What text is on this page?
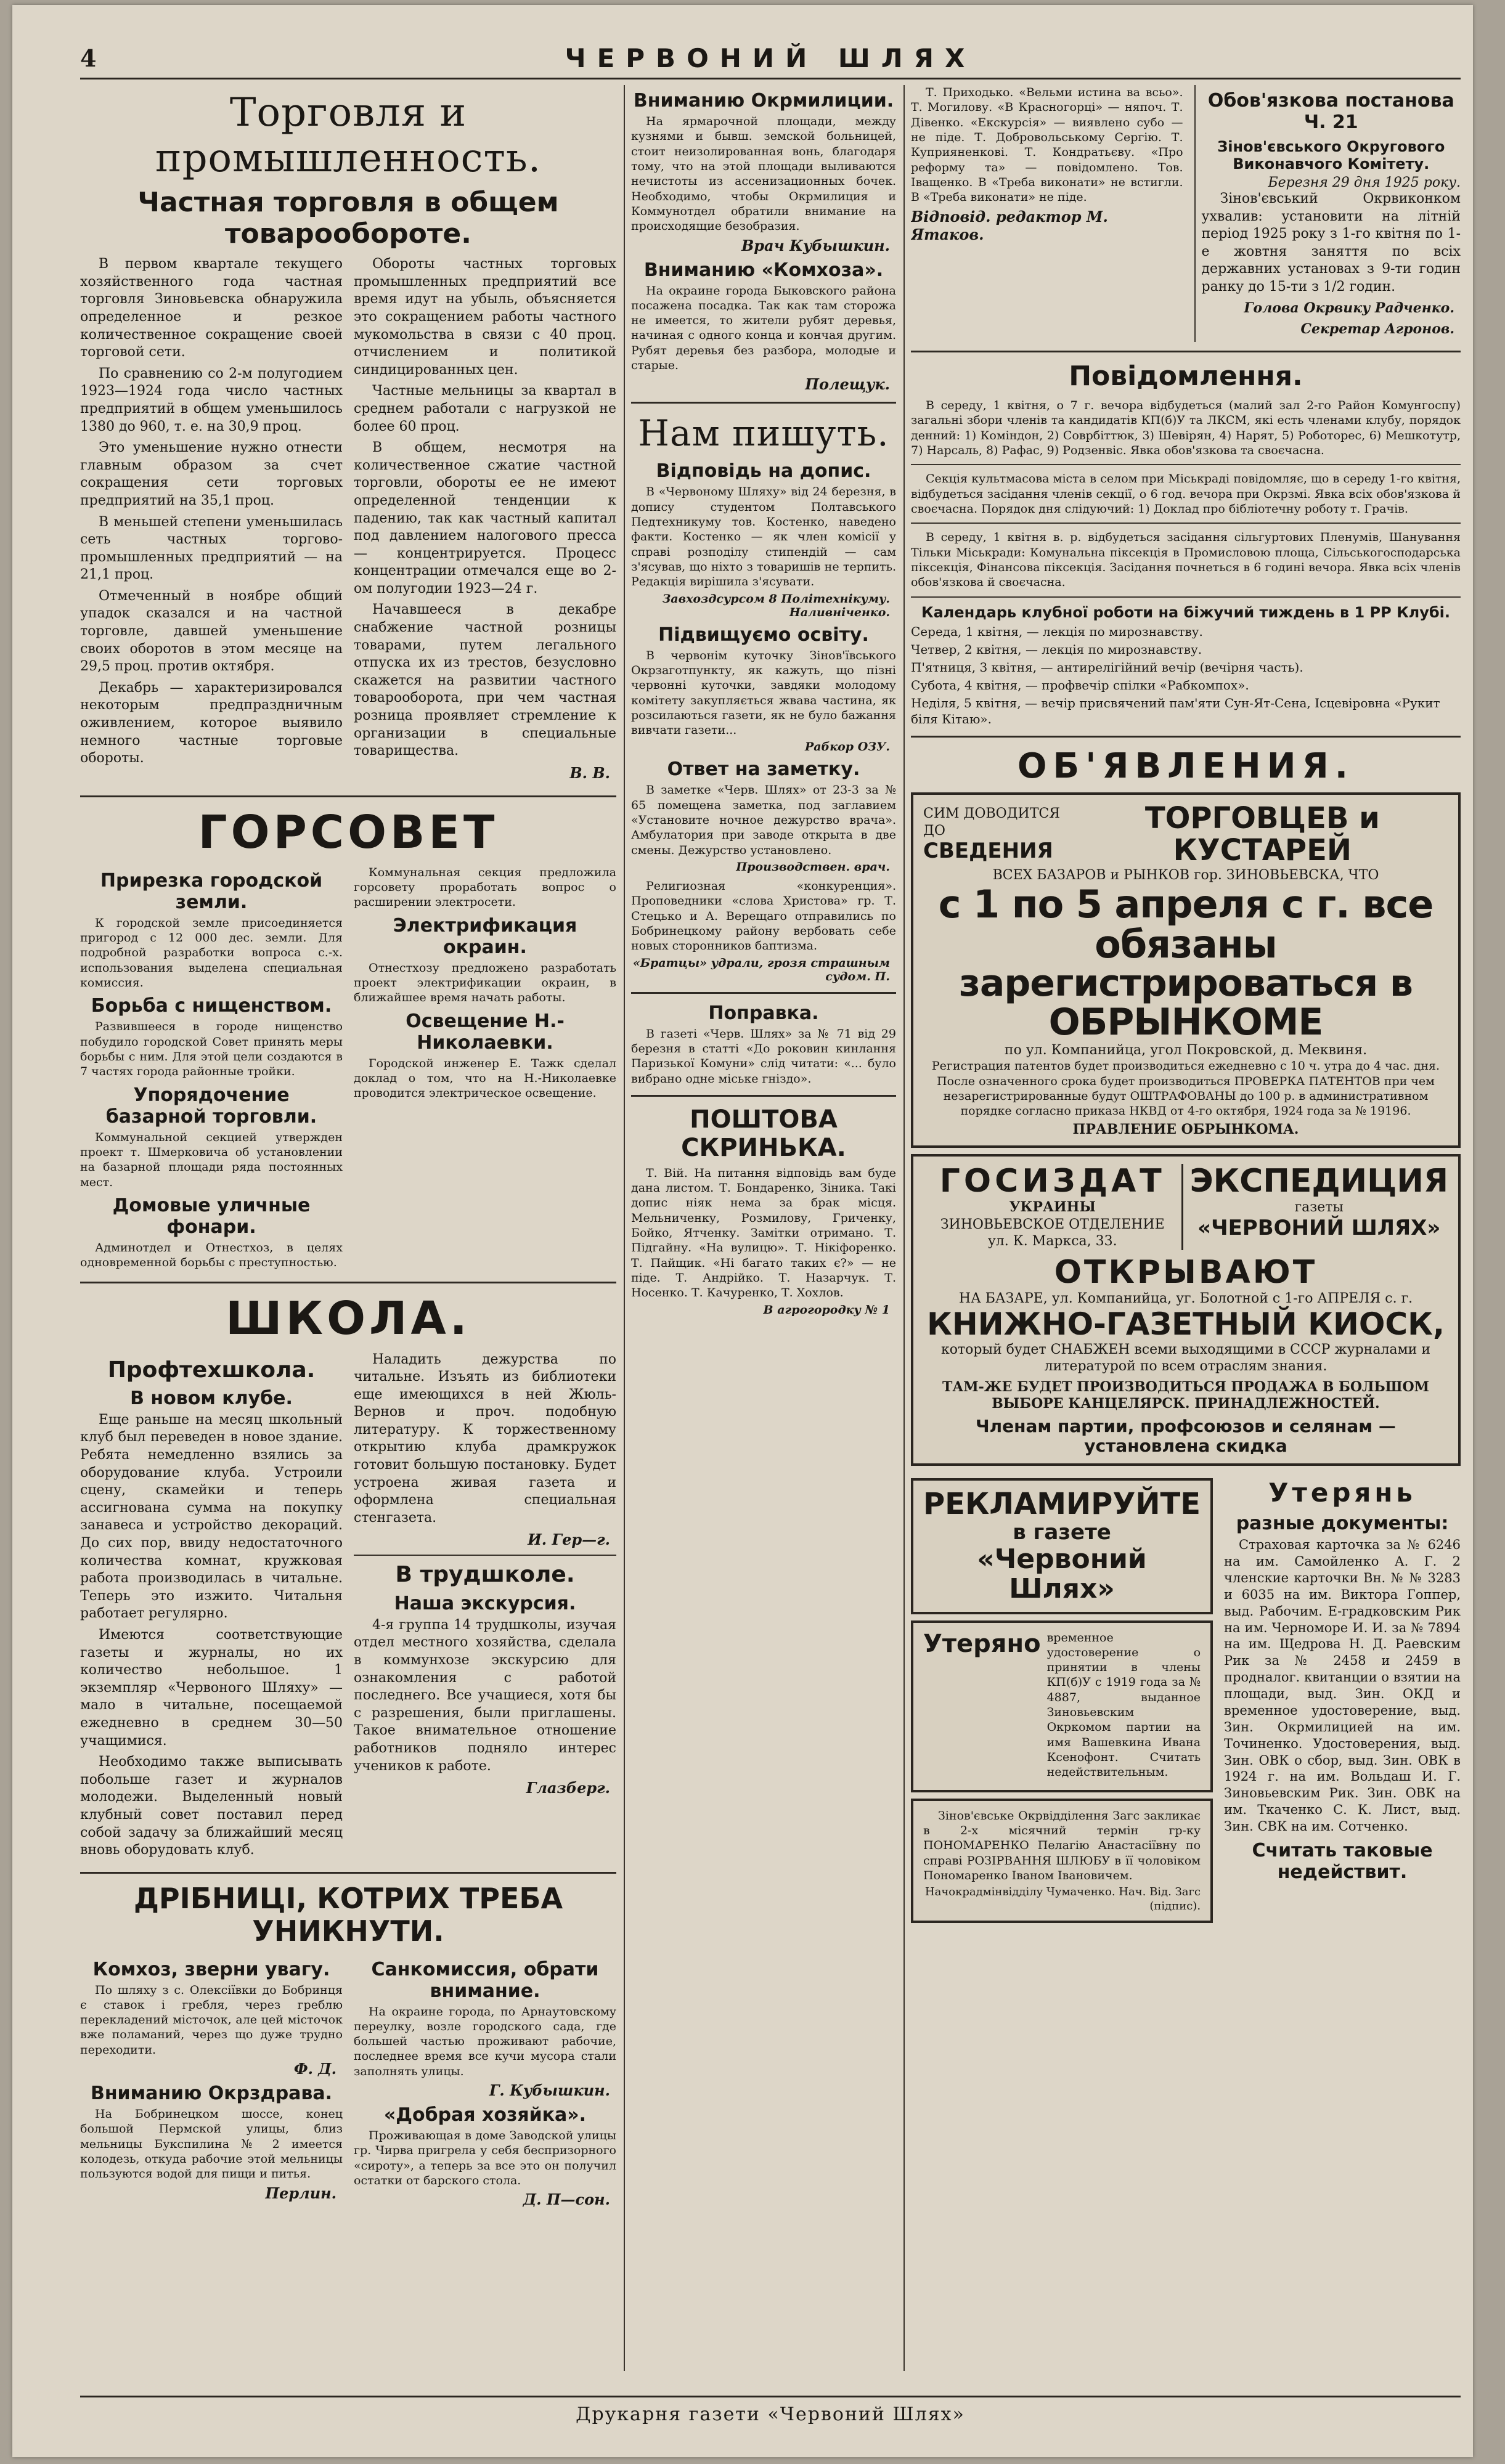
4	ЧЕРВОНИЙ ШЛЯХ
Торговля и промышленность.
Частная торговля в общем товарообороте.

В первом квартале текущего хозяйственного года частная торговля Зиновьевска обнаружила определенное и резкое количественное сокращение своей торговой сети.

По сравнению со 2-м полугодием 1923—1924 года число частных предприятий в общем уменьшилось 1380 до 960, т. е. на 30,9 проц.

Это уменьшение нужно отнести главным образом за счет сокращения сети торговых предприятий на 35,1 проц.

В меньшей степени уменьшилась сеть частных торгово-промышленных предприятий — на 21,1 проц.

Отмеченный в ноябре общий упадок сказался и на частной торговле, давшей уменьшение своих оборотов в этом месяце на 29,5 проц. против октября.

Декабрь — характеризировался некоторым предпраздничным оживлением, которое выявило немного частные торговые обороты.

Обороты частных торговых промышленных предприятий все время идут на убыль, объясняется это сокращением работы частного мукомольства в связи с 40 проц. отчислением и политикой синдицированных цен.

Частные мельницы за квартал в среднем работали с нагрузкой не более 60 проц.

В общем, несмотря на количественное сжатие частной торговли, обороты ее не имеют определенной тенденции к падению, так как частный капитал под давлением налогового пресса — концентрируется. Процесс концентрации отмечался еще во 2-ом полугодии 1923—24 г.

Начавшееся в декабре снабжение частной розницы товарами, путем легального отпуска их из трестов, безусловно скажется на развитии частного товарооборота, при чем частная розница проявляет стремление к организации в специальные товарищества.

В. В.
ГОРСОВЕТ
Прирезка городской земли.

К городской земле присоединяется пригород с 12 000 дес. земли. Для подробной разработки вопроса с.-х. использования выделена специальная комиссия.

Борьба с нищенством.

Развившееся в городе нищенство побудило городской Совет принять меры борьбы с ним. Для этой цели создаются в 7 частях города районные тройки.

Упорядочение базарной торговли.

Коммунальной секцией утвержден проект т. Шмерковича об установлении на базарной площади ряда постоянных мест.

Домовые уличные фонари.

Админотдел и Отнестхоз, в целях одновременной борьбы с преступностью.

Коммунальная секция предложила горсовету проработать вопрос о расширении электросети.

Электрификация окраин.

Отнестхозу предложено разработать проект электрификации окраин, в ближайшее время начать работы.

Освещение Н.-Николаевки.

Городской инженер Е. Тажк сделал доклад о том, что на Н.-Николаевке проводится электрическое освещение.

ШКОЛА.
Профтехшкола.
В новом клубе.

Еще раньше на месяц школьный клуб был переведен в новое здание. Ребята немедленно взялись за оборудование клуба. Устроили сцену, скамейки и теперь ассигнована сумма на покупку занавеса и устройство декораций. До сих пор, ввиду недостаточного количества комнат, кружковая работа производилась в читальне. Теперь это изжито. Читальня работает регулярно.

Имеются соответствующие газеты и журналы, но их количество небольшое. 1 экземпляр «Червоного Шляху» — мало в читальне, посещаемой ежедневно в среднем 30—50 учащимися.

Необходимо также выписывать побольше газет и журналов молодежи. Выделенный новый клубный совет поставил перед собой задачу за ближайший месяц вновь оборудовать клуб.

Наладить дежурства по читальне. Изъять из библиотеки еще имеющихся в ней Жюль-Вернов и проч. подобную литературу. К торжественному открытию клуба драмкружок готовит большую постановку. Будет устроена живая газета и оформлена специальная стенгазета.

И. Гер—г.
В трудшколе.
Наша экскурсия.

4-я группа 14 трудшколы, изучая отдел местного хозяйства, сделала в коммунхозе экскурсию для ознакомления с работой последнего. Все учащиеся, хотя бы с разрешения, были приглашены. Такое внимательное отношение работников подняло интерес учеников к работе.

Глазберг.
ДРІБНИЦІ, КОТРИХ ТРЕБА УНИКНУТИ.
Комхоз, зверни увагу.

По шляху з с. Олексіївки до Бобринця є ставок і гребля, через греблю перекладений місточок, але цей місточок вже поламаний, через що дуже трудно переходити.

Ф. Д.
Вниманию Окрздрава.

На Бобринецком шоссе, конец большой Пермской улицы, близ мельницы Букспилина № 2 имеется колодезь, откуда рабочие этой мельницы пользуются водой для пищи и питья.

Перлин.
Санкомиссия, обрати внимание.

На окраине города, по Арнаутовскому переулку, возле городского сада, где большей частью проживают рабочие, последнее время все кучи мусора стали заполнять улицы.

Г. Кубышкин.
«Добрая хозяйка».

Проживающая в доме Заводской улицы гр. Чирва пригрела у себя беспризорного «сироту», а теперь за все это он получил остатки от барского стола.

Д. П—сон.
Вниманию Окрмилиции.

На ярмарочной площади, между кузнями и бывш. земской больницей, стоит неизолированная вонь, благодаря тому, что на этой площади выливаются нечистоты из ассенизационных бочек. Необходимо, чтобы Окрмилиция и Коммунотдел обратили внимание на происходящие безобразия.

Врач Кубышкин.
Вниманию «Комхоза».

На окраине города Быковского района посажена посадка. Так как там сторожа не имеется, то жители рубят деревья, начиная с одного конца и кончая другим. Рубят деревья без разбора, молодые и старые.

Полещук.
Нам пишуть.
Відповідь на допис.

В «Червоному Шляху» від 24 березня, в допису студентом Полтавського Педтехникуму тов. Костенко, наведено факти. Костенко — як член комісії у справі розподілу стипендій — сам з'ясував, що ніхто з товаришів не терпить. Редакція вирішила з'ясувати.

Завхоздсурсом 8 Політехнікуму. Наливніченко.
Підвищуємо освіту.

В червонім куточку Зінов'ївського Окрзаготпункту, як кажуть, що пізні червонні куточки, завдяки молодому комітету закупляється жвава частина, як розсилаються газети, як не було бажання вивчати газети...

Рабкор ОЗУ.
Ответ на заметку.

В заметке «Черв. Шлях» от 23-3 за № 65 помещена заметка, под заглавием «Установите ночное дежурство врача». Амбулатория при заводе открыта в две смены. Дежурство установлено.

Производствен. врач.

Религиозная «конкуренция». Проповедники «слова Христова» гр. Т. Стецько и А. Верещаго отправились по Бобринецкому району вербовать себе новых сторонников баптизма.

«Братцы» удрали, грозя страшным судом. П.
Поправка.

В газеті «Черв. Шлях» за № 71 від 29 березня в статті «До роковин кинлання Паризької Комуни» слід читати: «... було вибрано одне міське гніздо».

ПОШТОВА СКРИНЬКА.

Т. Вій. На питання відповідь вам буде дана листом. Т. Бондаренко, Зіника. Такі допис ніяк нема за брак місця. Мельниченку, Розмилову, Гриченку, Бойко, Ятченку. Замітки отримано. Т. Підгайну. «На вулицю». Т. Нікіфоренко. Т. Пайщик. «Ні багато таких є?» — не піде. Т. Андрійко. Т. Назарчук. Т. Носенко. Т. Качуренко, Т. Хохлов.

В агрогородку № 1

Т. Приходько. «Вельми истина ва всьо». Т. Могилову. «В Красногорці» — няпоч. Т. Дівенко. «Екскурсія» — виявлено субо — не піде. Т. Добровольському Сергію. Т. Куприяненкові. Т. Кондратьєву. «Про реформу та» — повідомлено. Тов. Іващенко. В «Треба виконати» не встигли. В «Треба виконати» не піде.

Відповід. редактор М. Ятаков.
Обов'язкова постанова Ч. 21
Зінов'євського Округового Виконавчого Комітету.
Березня 29 дня 1925 року.

Зінов'євський Окрвиконком ухвалив: установити на літній період 1925 року з 1-го квітня по 1-е жовтня заняття по всіх державних установах з 9-ти годин ранку до 15-ти з 1/2 годин.

Голова Окрвику Радченко.
Секретар Агронов.
Повідомлення.

В середу, 1 квітня, о 7 г. вечора відбудеться (малий зал 2-го Район Комунгоспу) загальні збори членів та кандидатів КП(б)У та ЛКСМ, які есть членами клубу, порядок денний: 1) Коміндон, 2) Соврбіттюк, 3) Шевірян, 4) Нарят, 5) Роботорес, 6) Мешкотутр, 7) Нарсаль, 8) Рафас, 9) Родзенвіс. Явка обов'язкова та своєчасна.

Секція культмасова міста в селом при Міськраді повідомляє, що в середу 1-го квітня, відбудеться засідання членів секції, о 6 год. вечора при Окрзмі. Явка всіх обов'язкова й своєчасна. Порядок дня слідуючий: 1) Доклад про бібліотечну роботу т. Грачів.

В середу, 1 квітня в. р. відбудеться засідання сільгуртових Пленумів, Шанування Тільки Міськради: Комунальна піксекція в Промисловою площа, Сільськогосподарська піксекція, Фінансова піксекція. Засідання почнеться в 6 годині вечора. Явка всіх членів обов'язкова й своєчасна.

Календарь клубної роботи на біжучий тиждень в 1 РР Клубі.

Середа, 1 квітня, — лекція по мирознавству.

Четвер, 2 квітня, — лекція по мирознавству.

П'ятниця, 3 квітня, — антирелігійний вечір (вечірня часть).

Субота, 4 квітня, — профвечір спілки «Рабкомпох».

Неділя, 5 квітня, — вечір присвячений пам'яти Сун-Ят-Сена, Ісцевіровна «Рукит біля Кітаю».

ОБ'ЯВЛЕНИЯ.
СИМ ДОВОДИТСЯ ДО
СВЕДЕНИЯ
ТОРГОВЦЕВ и КУСТАРЕЙ
ВСЕХ БАЗАРОВ и РЫНКОВ гор. ЗИНОВЬЕВСКА, ЧТО
с 1 по 5 апреля с г. все обязаны
зарегистрироваться в ОБРЫНКОМЕ
по ул. Компанийца, угол Покровской, д. Меквиня.

Регистрация патентов будет производиться ежедневно с 10 ч. утра до 4 час. дня. После означенного срока будет производиться ПРОВЕРКА ПАТЕНТОВ при чем незарегистрированные будут ОШТРАФОВАНЫ до 100 р. в административном порядке согласно приказа НКВД от 4-го октября, 1924 года за № 19196.

ПРАВЛЕНИЕ ОБРЫНКОМА.
ГОСИЗДАТ
УКРАИНЫ
ЗИНОВЬЕВСКОЕ ОТДЕЛЕНИЕ
ул. К. Маркса, 33.
ЭКСПЕДИЦИЯ
газеты
«ЧЕРВОНИЙ ШЛЯХ»
ОТКРЫВАЮТ
НА БАЗАРЕ, ул. Компанийца, уг. Болотной с 1-го АПРЕЛЯ с. г.
КНИЖНО-ГАЗЕТНЫЙ КИОСК,
который будет СНАБЖЕН всеми выходящими в СССР журналами и литературой по всем отраслям знания.
ТАМ-ЖЕ БУДЕТ ПРОИЗВОДИТЬСЯ ПРОДАЖА В БОЛЬШОМ ВЫБОРЕ КАНЦЕЛЯРСК. ПРИНАДЛЕЖНОСТЕЙ.
Членам партии, профсоюзов и селянам — установлена скидка
РЕКЛАМИРУЙТЕ
в газете
«Червоний Шлях»
Утеряно временное удостоверение о принятии в члены КП(б)У с 1919 года за № 4887, выданное Зиновьевским Окркомом партии на имя Вашевкина Ивана Ксенофонт. Считать недействительным.

Зінов'євське Окрвідділення Загс закликає в 2-х місячний термін гр-ку ПОНОМАРЕНКО Пелагію Анастасіївну по справі РОЗІРВАННЯ ШЛЮБУ в її чоловіком Пономаренко Іваном Івановичем.

Начокрадмінвідділу Чумаченко. Нач. Від. Загс (підпис).
Утерянь
разные документы:

Страховая карточка за № 6246 на им. Самойленко А. Г. 2 членские карточки Вн. № № 3283 и 6035 на им. Виктора Гоппер, выд. Рабочим. Е-градковским Рик на им. Черноморе И. И. за № 7894 на им. Щедрова Н. Д. Раевским Рик за № 2458 и 2459 в продналог. квитанции о взятии на площади, выд. Зин. ОКД и временное удостоверение, выд. Зин. Окрмилицией на им. Точиненко. Удостоверения, выд. Зин. ОВК о сбор, выд. Зин. ОВК в 1924 г. на им. Вольдаш И. Г. Зиновьевским Рик. Зин. ОВК на им. Ткаченко С. К. Лист, выд. Зин. СВК на им. Сотченко.

Считать таковые недействит.
Друкарня газети «Червоний Шлях»
